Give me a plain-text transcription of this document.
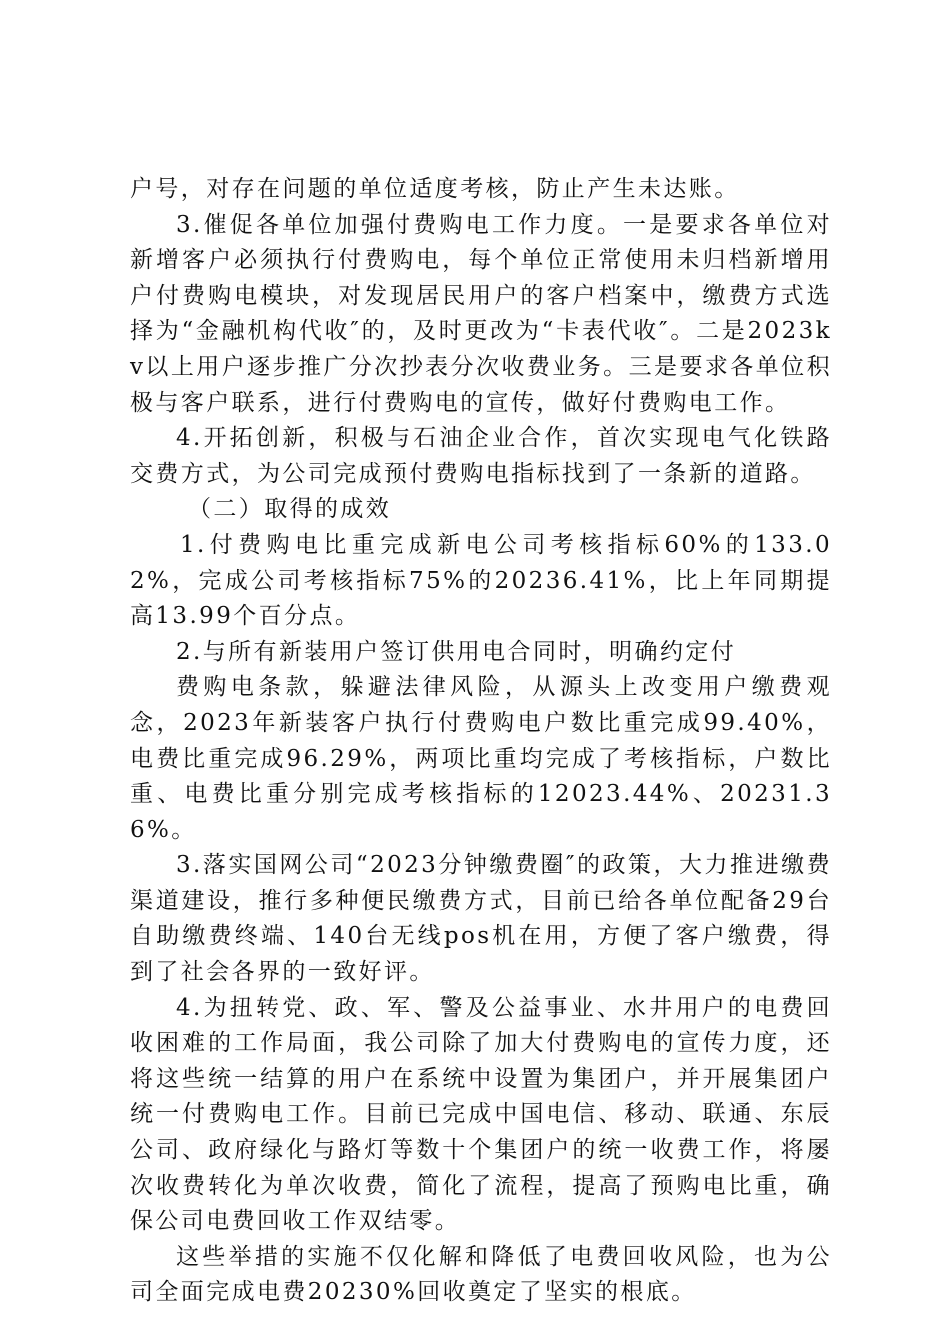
户号，对存在问题的单位适度考核，防止产生未达账。

3.催促各单位加强付费购电工作力度。一是要求各单位对新增客户必须执行付费购电，每个单位正常使用未归档新增用户付费购电模块，对发现居民用户的客户档案中，缴费方式选择为“金融机构代收″的，及时更改为“卡表代收″。二是2023kv以上用户逐步推广分次抄表分次收费业务。三是要求各单位积极与客户联系，进行付费购电的宣传，做好付费购电工作。

4.开拓创新，积极与石油企业合作，首次实现电气化铁路交费方式，为公司完成预付费购电指标找到了一条新的道路。

（二）取得的成效

1.付费购电比重完成新电公司考核指标60%的133.02%，完成公司考核指标75%的20236.41%，比上年同期提高13.99个百分点。

2.与所有新装用户签订供用电合同时，明确约定付

费购电条款，躲避法律风险，从源头上改变用户缴费观念，2023年新装客户执行付费购电户数比重完成99.40%，电费比重完成96.29%，两项比重均完成了考核指标，户数比重、电费比重分别完成考核指标的12023.44%、20231.36%。

3.落实国网公司“2023分钟缴费圈″的政策，大力推进缴费渠道建设，推行多种便民缴费方式，目前已给各单位配备29台自助缴费终端、140台无线pos机在用，方便了客户缴费，得到了社会各界的一致好评。

4.为扭转党、政、军、警及公益事业、水井用户的电费回收困难的工作局面，我公司除了加大付费购电的宣传力度，还将这些统一结算的用户在系统中设置为集团户，并开展集团户统一付费购电工作。目前已完成中国电信、移动、联通、东辰公司、政府绿化与路灯等数十个集团户的统一收费工作，将屡次收费转化为单次收费，简化了流程，提高了预购电比重，确保公司电费回收工作双结零。

这些举措的实施不仅化解和降低了电费回收风险，也为公司全面完成电费20230%回收奠定了坚实的根底。
